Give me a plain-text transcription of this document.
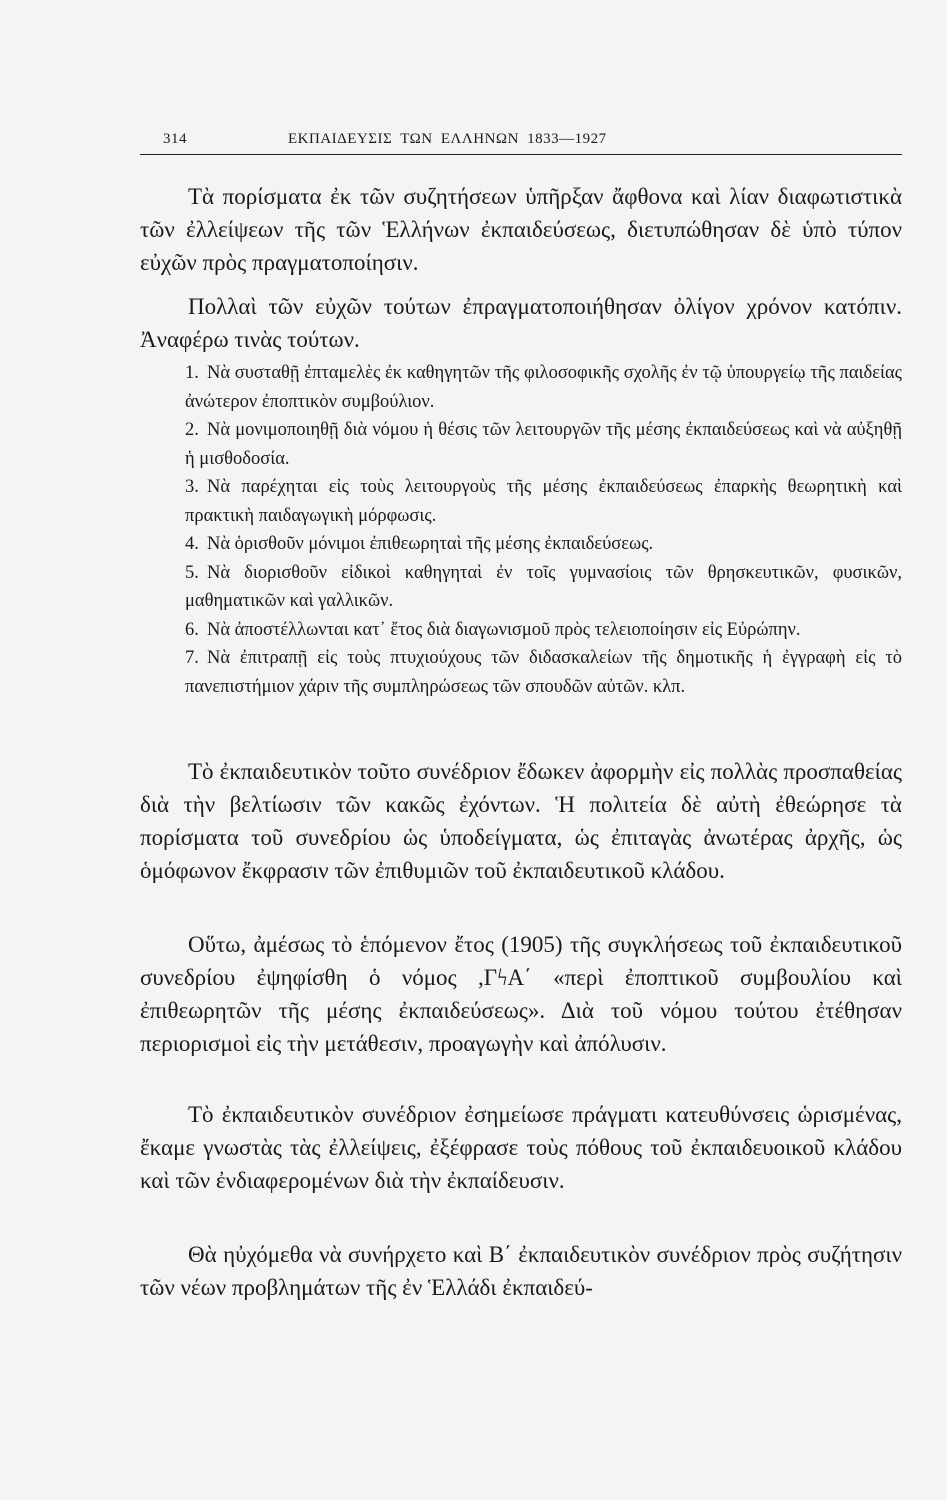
314	ΕΚΠΑΙΔΕΥΣΙΣ ΤΩΝ ΕΛΛΗΝΩΝ 1833—1927

Τὰ πορίσματα ἐκ τῶν συζητήσεων ὑπῆρξαν ἄφθονα καὶ λίαν διαφωτιστικὰ τῶν ἐλλείψεων τῆς τῶν Ἑλλήνων ἐκπαιδεύσεως, διετυπώθησαν δὲ ὑπὸ τύπον εὐχῶν πρὸς πραγματοποίησιν.

Πολλαὶ τῶν εὐχῶν τούτων ἐπραγματοποιήθησαν ὀλίγον χρόνον κατόπιν. Ἀναφέρω τινὰς τούτων.

1. Νὰ συσταθῇ ἐπταμελὲς ἐκ καθηγητῶν τῆς φιλοσοφικῆς σχολῆς ἐν τῷ ὑπουργείῳ τῆς παιδείας ἀνώτερον ἐποπτικὸν συμβούλιον.
2. Νὰ μονιμοποιηθῇ διὰ νόμου ἡ θέσις τῶν λειτουργῶν τῆς μέσης ἐκπαιδεύσεως καὶ νὰ αὐξηθῇ ἡ μισθοδοσία.
3. Νὰ παρέχηται εἰς τοὺς λειτουργοὺς τῆς μέσης ἐκπαιδεύσεως ἐπαρκὴς θεωρητικὴ καὶ πρακτικὴ παιδαγωγικὴ μόρφωσις.
4. Νὰ ὁρισθοῦν μόνιμοι ἐπιθεωρηταὶ τῆς μέσης ἐκπαιδεύσεως.
5. Νὰ διορισθοῦν εἰδικοὶ καθηγηταὶ ἐν τοῖς γυμνασίοις τῶν θρησκευτικῶν, φυσικῶν, μαθηματικῶν καὶ γαλλικῶν.
6. Νὰ ἀποστέλλωνται κατ᾿ ἔτος διὰ διαγωνισμοῦ πρὸς τελειοποίησιν εἰς Εὐρώπην.
7. Νὰ ἐπιτραπῇ εἰς τοὺς πτυχιούχους τῶν διδασκαλείων τῆς δημοτικῆς ἡ ἐγγραφὴ εἰς τὸ πανεπιστήμιον χάριν τῆς συμπληρώσεως τῶν σπουδῶν αὐτῶν. κλπ.

Τὸ ἐκπαιδευτικὸν τοῦτο συνέδριον ἔδωκεν ἀφορμὴν εἰς πολλὰς προσπαθείας διὰ τὴν βελτίωσιν τῶν κακῶς ἐχόντων. Ἡ πολιτεία δὲ αὐτὴ ἐθεώρησε τὰ πορίσματα τοῦ συνεδρίου ὡς ὑποδείγματα, ὡς ἐπιταγὰς ἀνωτέρας ἀρχῆς, ὡς ὁμόφωνον ἔκφρασιν τῶν ἐπιθυμιῶν τοῦ ἐκπαιδευτικοῦ κλάδου.

Οὕτω, ἀμέσως τὸ ἑπόμενον ἔτος (1905) τῆς συγκλήσεως τοῦ ἐκπαιδευτικοῦ συνεδρίου ἐψηφίσθη ὁ νόμος ,ΓϟΑ΄ «περὶ ἐποπτικοῦ συμβουλίου καὶ ἐπιθεωρητῶν τῆς μέσης ἐκπαιδεύσεως». Διὰ τοῦ νόμου τούτου ἐτέθησαν περιορισμοὶ εἰς τὴν μετάθεσιν, προαγωγὴν καὶ ἀπόλυσιν.

Τὸ ἐκπαιδευτικὸν συνέδριον ἐσημείωσε πράγματι κατευθύνσεις ὡρισμένας, ἔκαμε γνωστὰς τὰς ἐλλείψεις, ἐξέφρασε τοὺς πόθους τοῦ ἐκπαιδευοικοῦ κλάδου καὶ τῶν ἐνδιαφερομένων διὰ τὴν ἐκπαίδευσιν.

Θὰ ηὐχόμεθα νὰ συνήρχετο καὶ Β΄ ἐκπαιδευτικὸν συνέδριον πρὸς συζήτησιν τῶν νέων προβλημάτων τῆς ἐν Ἑλλάδι ἐκπαιδεύ-
